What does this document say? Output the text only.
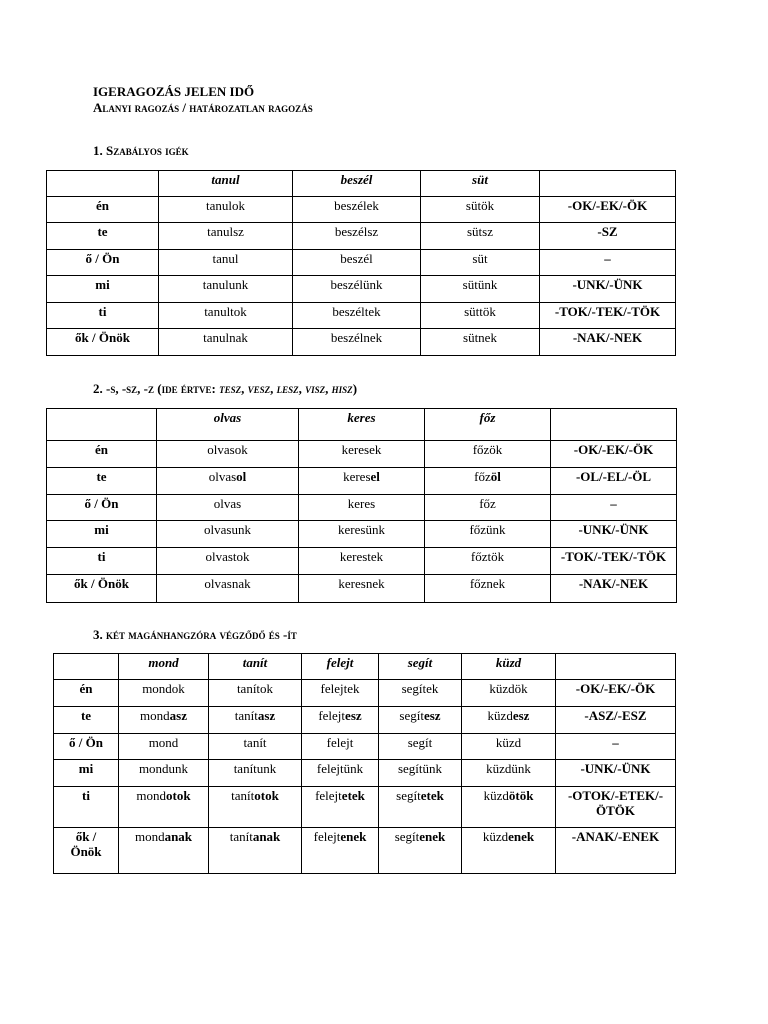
IGERAGOZÁS JELEN IDŐ
Alanyi ragozás / határozatlan ragozás
1. Szabályos igék
	tanul	beszél	süt	
én	tanulok	beszélek	sütök	-OK/-EK/-ÖK
te	tanulsz	beszélsz	sütsz	-SZ
ő / Ön	tanul	beszél	süt	–
mi	tanulunk	beszélünk	sütünk	-UNK/-ÜNK
ti	tanultok	beszéltek	süttök	-TOK/-TEK/-TÖK
ők / Önök	tanulnak	beszélnek	sütnek	-NAK/-NEK
2. -s, -sz, -z (ide értve: tesz, vesz, lesz, visz, hisz)
	olvas	keres	főz	
én	olvasok	keresek	főzök	-OK/-EK/-ÖK
te	olvasol	keresel	főzöl	-OL/-EL/-ÖL
ő / Ön	olvas	keres	főz	–
mi	olvasunk	keresünk	főzünk	-UNK/-ÜNK
ti	olvastok	kerestek	főztök	-TOK/-TEK/-TÖK
ők / Önök	olvasnak	keresnek	főznek	-NAK/-NEK
3. két magánhangzóra végződő és -ít
	mond	tanít	felejt	segít	küzd	
én	mondok	tanítok	felejtek	segítek	küzdök	-OK/-EK/-ÖK
te	mondasz	tanítasz	felejtesz	segítesz	küzdesz	-ASZ/-ESZ
ő / Ön	mond	tanít	felejt	segít	küzd	–
mi	mondunk	tanítunk	felejtünk	segítünk	küzdünk	-UNK/-ÜNK
ti	mondotok	tanítotok	felejtetek	segítetek	küzdötök	-OTOK/-ETEK/-ÖTÖK
ők / Önök	mondanak	tanítanak	felejtenek	segítenek	küzdenek	-ANAK/-ENEK
